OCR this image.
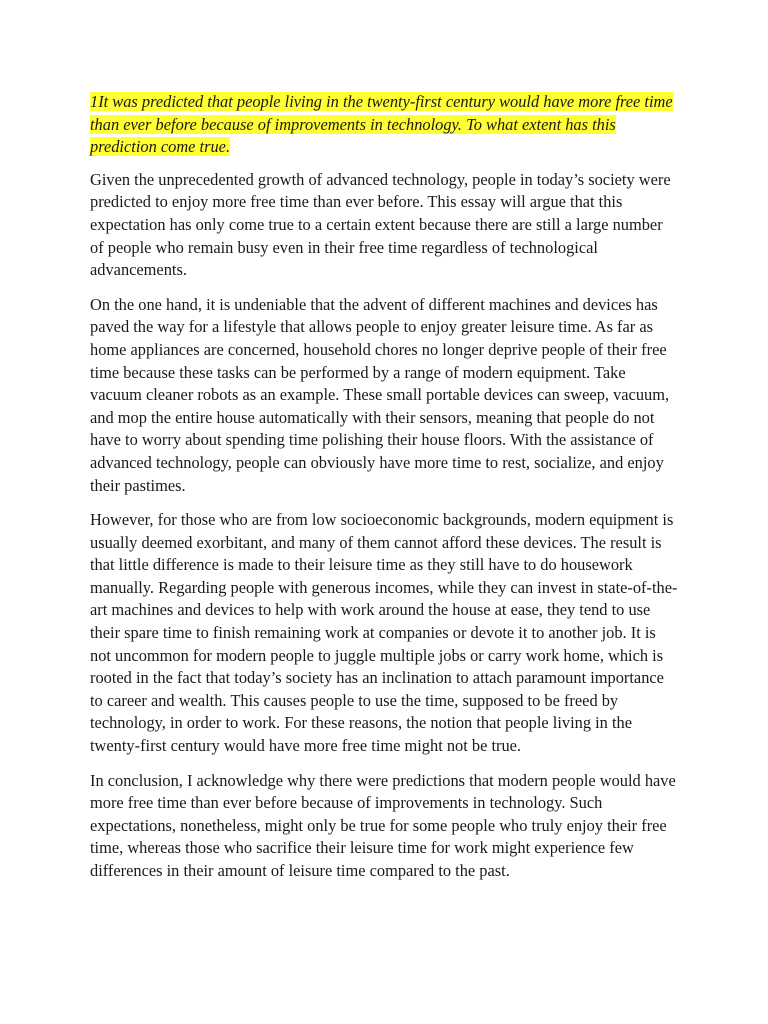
1It was predicted that people living in the twenty-first century would have more free time than ever before because of improvements in technology. To what extent has this prediction come true.

Given the unprecedented growth of advanced technology, people in today’s society were predicted to enjoy more free time than ever before. This essay will argue that this expectation has only come true to a certain extent because there are still a large number of people who remain busy even in their free time regardless of technological advancements.

On the one hand, it is undeniable that the advent of different machines and devices has paved the way for a lifestyle that allows people to enjoy greater leisure time. As far as home appliances are concerned, household chores no longer deprive people of their free time because these tasks can be performed by a range of modern equipment. Take vacuum cleaner robots as an example. These small portable devices can sweep, vacuum, and mop the entire house automatically with their sensors, meaning that people do not have to worry about spending time polishing their house floors. With the assistance of advanced technology, people can obviously have more time to rest, socialize, and enjoy their pastimes.

However, for those who are from low socioeconomic backgrounds, modern equipment is usually deemed exorbitant, and many of them cannot afford these devices. The result is that little difference is made to their leisure time as they still have to do housework manually. Regarding people with generous incomes, while they can invest in state-of-the-art machines and devices to help with work around the house at ease, they tend to use their spare time to finish remaining work at companies or devote it to another job. It is not uncommon for modern people to juggle multiple jobs or carry work home, which is rooted in the fact that today’s society has an inclination to attach paramount importance to career and wealth. This causes people to use the time, supposed to be freed by technology, in order to work. For these reasons, the notion that people living in the twenty-first century would have more free time might not be true.

In conclusion, I acknowledge why there were predictions that modern people would have more free time than ever before because of improvements in technology. Such expectations, nonetheless, might only be true for some people who truly enjoy their free time, whereas those who sacrifice their leisure time for work might experience few differences in their amount of leisure time compared to the past.
